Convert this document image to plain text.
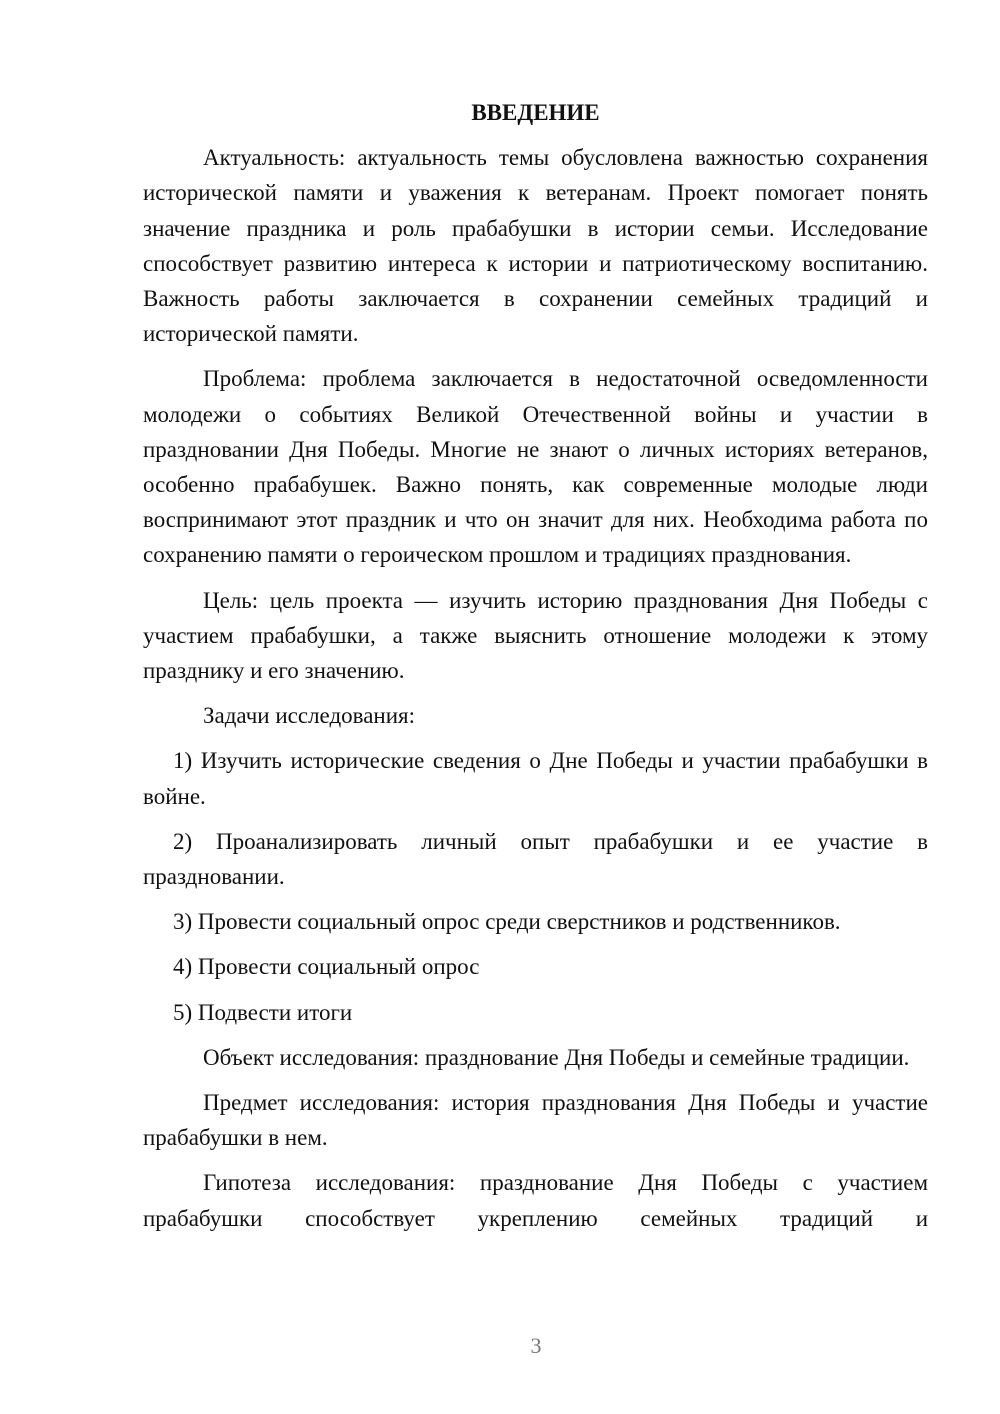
ВВЕДЕНИЕ

Актуальность: актуальность темы обусловлена важностью сохранения исторической памяти и уважения к ветеранам. Проект помогает понять значение праздника и роль прабабушки в истории семьи. Исследование способствует развитию интереса к истории и патриотическому воспитанию. Важность работы заключается в сохранении семейных традиций и исторической памяти.

Проблема: проблема заключается в недостаточной осведомленности молодежи о событиях Великой Отечественной войны и участии в праздновании Дня Победы. Многие не знают о личных историях ветеранов, особенно прабабушек. Важно понять, как современные молодые люди воспринимают этот праздник и что он значит для них. Необходима работа по сохранению памяти о героическом прошлом и традициях празднования.

Цель: цель проекта — изучить историю празднования Дня Победы с участием прабабушки, а также выяснить отношение молодежи к этому празднику и его значению.

Задачи исследования:

1) Изучить исторические сведения о Дне Победы и участии прабабушки в войне.

2) Проанализировать личный опыт прабабушки и ее участие в праздновании.

3) Провести социальный опрос среди сверстников и родственников.

4) Провести социальный опрос

5) Подвести итоги

Объект исследования: празднование Дня Победы и семейные традиции.

Предмет исследования: история празднования Дня Победы и участие прабабушки в нем.

Гипотеза исследования: празднование Дня Победы с участием прабабушки способствует укреплению семейных традиций и

3
